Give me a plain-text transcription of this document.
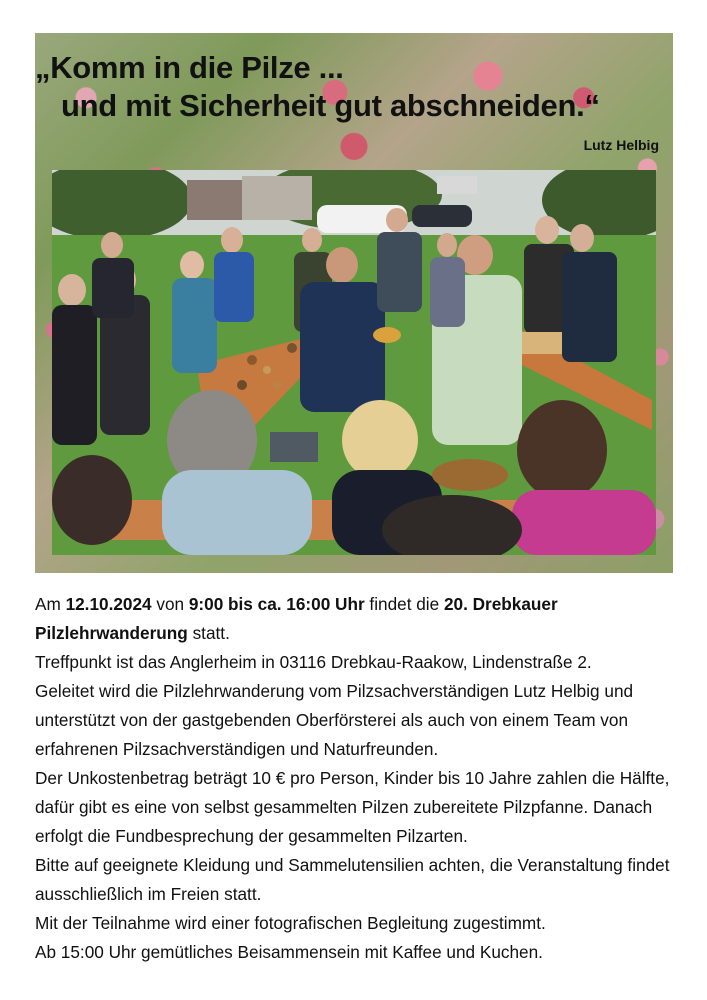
„Komm in die Pilze ...
und mit Sicherheit gut abschneiden.“
Lutz Helbig

Am 12.10.2024 von 9:00 bis ca. 16:00 Uhr findet die 20. Drebkauer Pilzlehrwanderung statt.

Treffpunkt ist das Anglerheim in 03116 Drebkau-Raakow, Lindenstraße 2.

Geleitet wird die Pilzlehrwanderung vom Pilzsachverständigen Lutz Helbig und unterstützt von der gastgebenden Oberförsterei als auch von einem Team von erfahrenen Pilzsachverständigen und Naturfreunden.

Der Unkostenbetrag beträgt 10 € pro Person, Kinder bis 10 Jahre zahlen die Hälfte, dafür gibt es eine von selbst gesammelten Pilzen zubereitete Pilzpfanne. Danach erfolgt die Fundbesprechung der gesammelten Pilzarten.

Bitte auf geeignete Kleidung und Sammelutensilien achten, die Veranstaltung findet ausschließlich im Freien statt.

Mit der Teilnahme wird einer fotografischen Begleitung zugestimmt.

Ab 15:00 Uhr gemütliches Beisammensein mit Kaffee und Kuchen.
